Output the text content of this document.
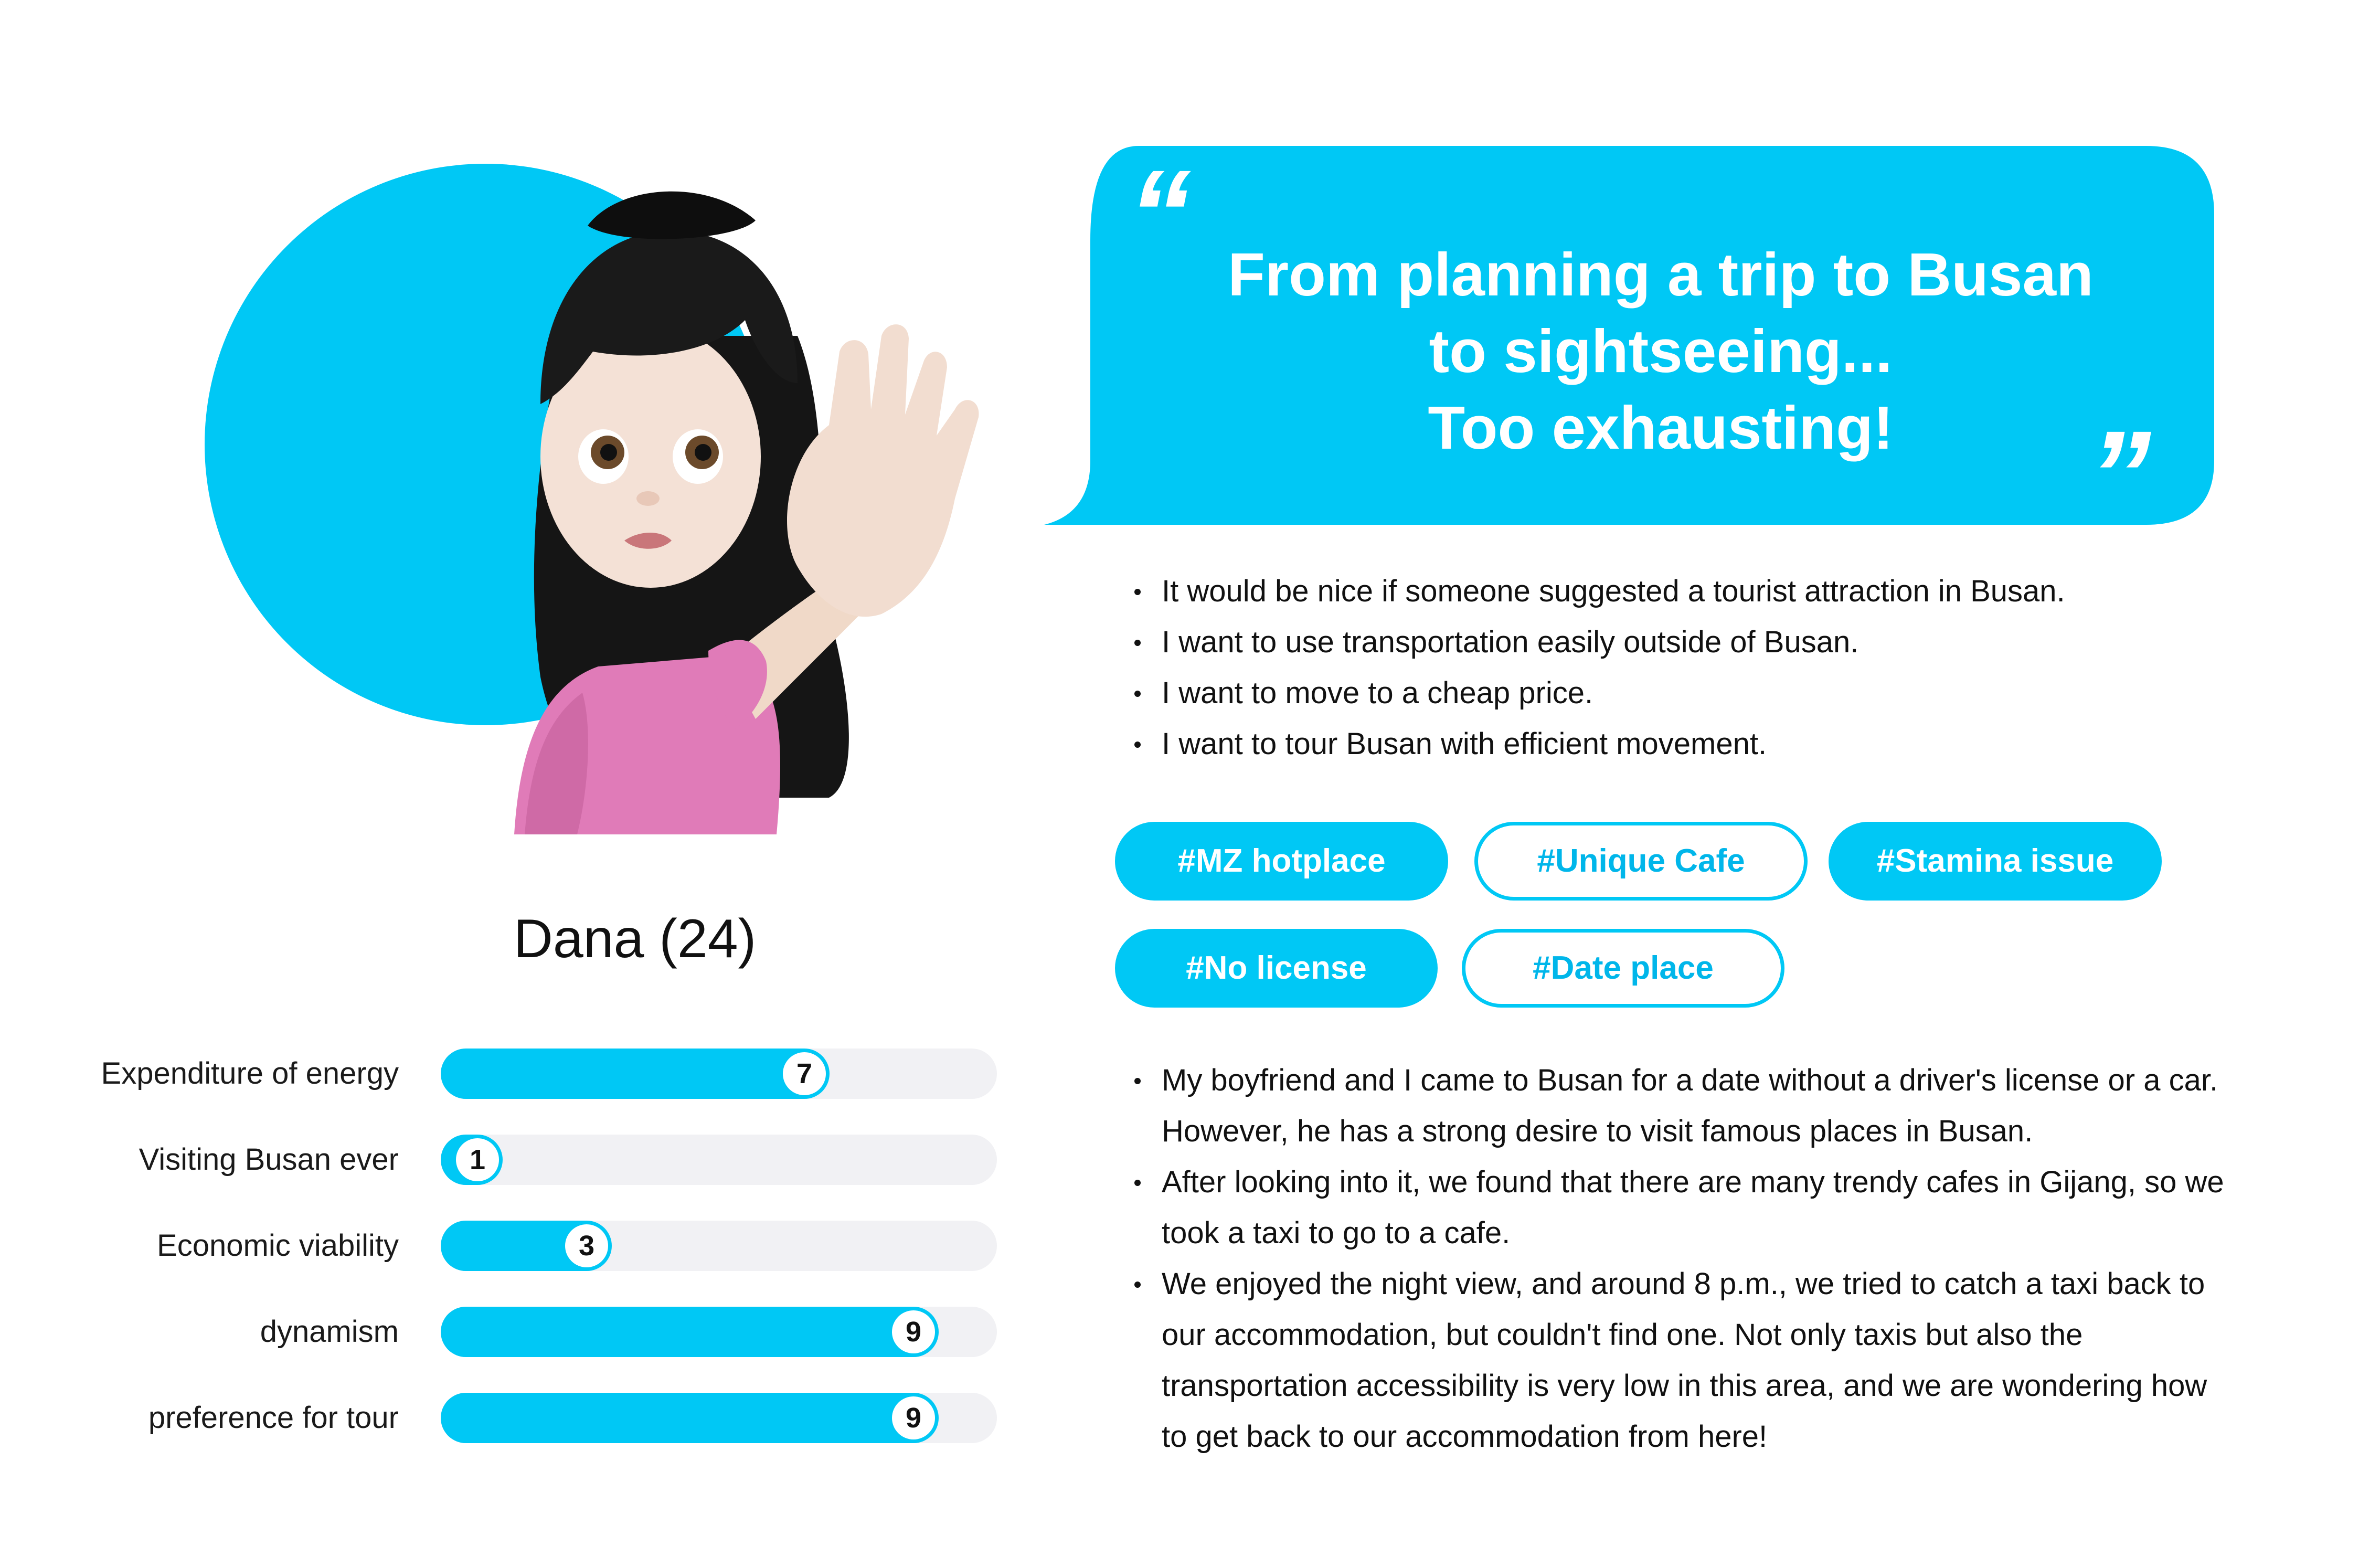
Dana (24)
Expenditure of energy	7
Visiting Busan ever	1
Economic viability	3
dynamism	9
preference for tour	9
“ From planning a trip to Busan
to sightseeing...
Too exhausting!	”
It would be nice if someone suggested a tourist attraction in Busan.
I want to use transportation easily outside of Busan.
I want to move to a cheap price.
I want to tour Busan with efficient movement.
#MZ hotplace	#Unique Cafe	#Stamina issue
#No license	#Date place
My boyfriend and I came to Busan for a date without a driver's license or a car. However, he has a strong desire to visit famous places in Busan.
After looking into it, we found that there are many trendy cafes in Gijang, so we took a taxi to go to a cafe.
We enjoyed the night view, and around 8 p.m., we tried to catch a taxi back to our accommodation, but couldn't find one. Not only taxis but also the transportation accessibility is very low in this area, and we are wondering how to get back to our accommodation from here!
